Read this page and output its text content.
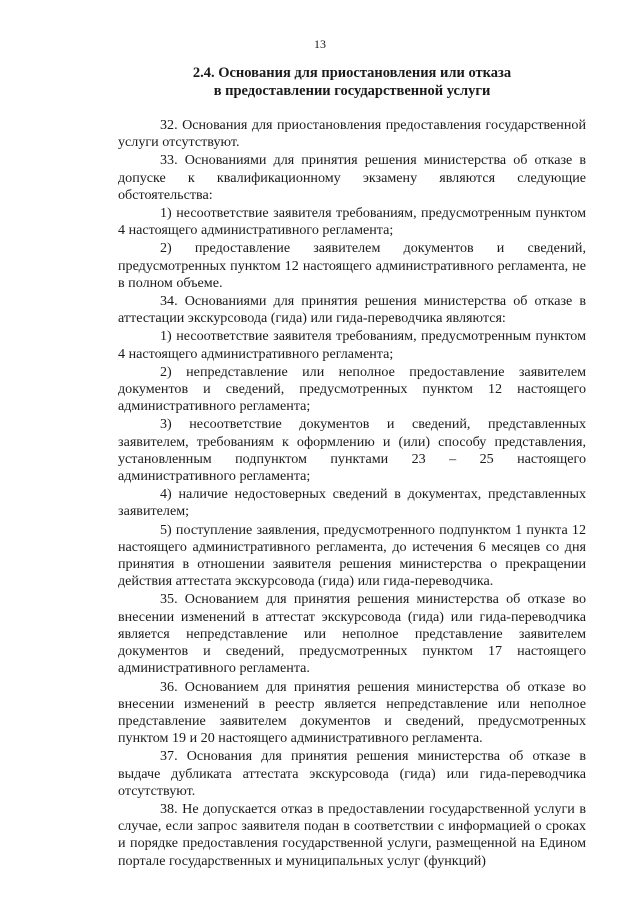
13
2.4. Основания для приостановления или отказа
в предоставлении государственной услуги

32. Основания для приостановления предоставления государственной услуги отсутствуют.

33. Основаниями для принятия решения министерства об отказе в допуске к квалификационному экзамену являются следующие обстоятельства:

1) несоответствие заявителя требованиям, предусмотренным пунктом 4 настоящего административного регламента;

2) предоставление заявителем документов и сведений, предусмотренных пунктом 12 настоящего административного регламента, не в полном объеме.

34. Основаниями для принятия решения министерства об отказе в аттестации экскурсовода (гида) или гида-переводчика являются:

1) несоответствие заявителя требованиям, предусмотренным пунктом 4 настоящего административного регламента;

2) непредставление или неполное предоставление заявителем документов и сведений, предусмотренных пунктом 12 настоящего административного регламента;

3) несоответствие документов и сведений, представленных заявителем, требованиям к оформлению и (или) способу представления, установленным подпунктом пунктами 23 – 25 настоящего административного регламента;

4) наличие недостоверных сведений в документах, представленных заявителем;

5) поступление заявления, предусмотренного подпунктом 1 пункта 12 настоящего административного регламента, до истечения 6 месяцев со дня принятия в отношении заявителя решения министерства о прекращении действия аттестата экскурсовода (гида) или гида-переводчика.

35. Основанием для принятия решения министерства об отказе во внесении изменений в аттестат экскурсовода (гида) или гида-переводчика является непредставление или неполное представление заявителем документов и сведений, предусмотренных пунктом 17 настоящего административного регламента.

36. Основанием для принятия решения министерства об отказе во внесении изменений в реестр является непредставление или неполное представление заявителем документов и сведений, предусмотренных пунктом 19 и 20 настоящего административного регламента.

37. Основания для принятия решения министерства об отказе в выдаче дубликата аттестата экскурсовода (гида) или гида-переводчика отсутствуют.

38. Не допускается отказ в предоставлении государственной услуги в случае, если запрос заявителя подан в соответствии с информацией о сроках и порядке предоставления государственной услуги, размещенной на Едином портале государственных и муниципальных услуг (функций)
